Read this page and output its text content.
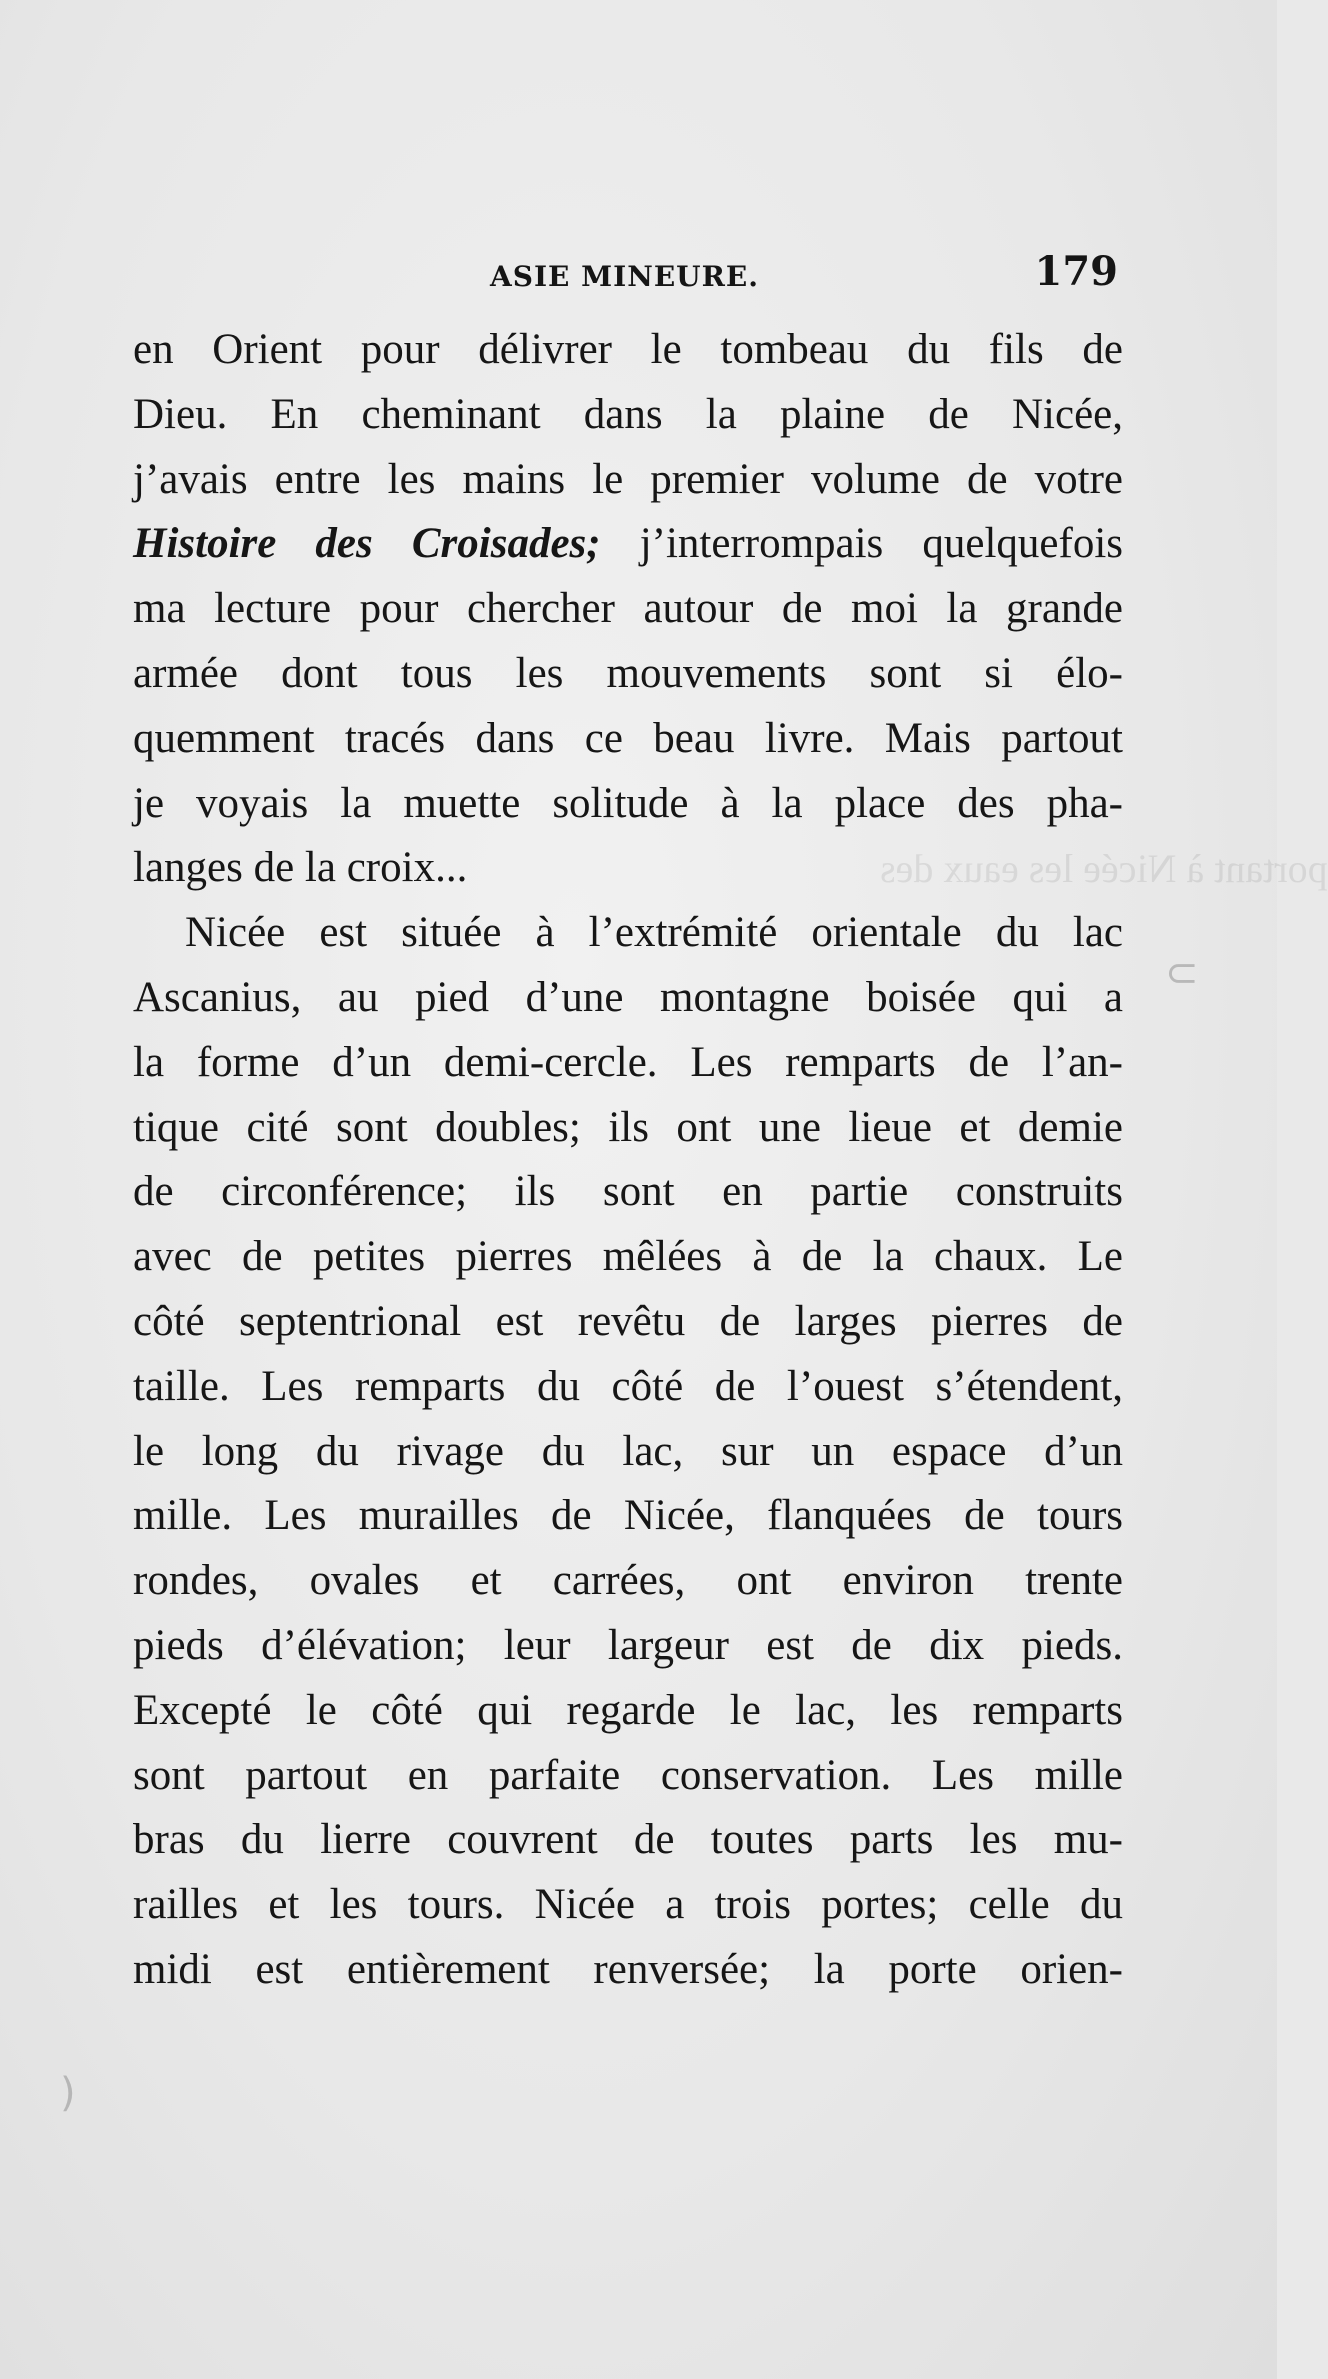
ASIE MINEURE.	179
portant à Nicée les eaux des
en Orient pour délivrer le tombeau du fils de
Dieu. En cheminant dans la plaine de Nicée,
j’avais entre les mains le premier volume de votre
Histoire des Croisades; j’interrompais quelquefois
ma lecture pour chercher autour de moi la grande
armée dont tous les mouvements sont si élo-
quemment tracés dans ce beau livre. Mais partout
je voyais la muette solitude à la place des pha-
langes de la croix...
Nicée est située à l’extrémité orientale du lac
Ascanius, au pied d’une montagne boisée qui a
la forme d’un demi-cercle. Les remparts de l’an-
tique cité sont doubles; ils ont une lieue et demie
de circonférence; ils sont en partie construits
avec de petites pierres mêlées à de la chaux. Le
côté septentrional est revêtu de larges pierres de
taille. Les remparts du côté de l’ouest s’étendent,
le long du rivage du lac, sur un espace d’un
mille. Les murailles de Nicée, flanquées de tours
rondes, ovales et carrées, ont environ trente
pieds d’élévation; leur largeur est de dix pieds.
Excepté le côté qui regarde le lac, les remparts
sont partout en parfaite conservation. Les mille
bras du lierre couvrent de toutes parts les mu-
railles et les tours. Nicée a trois portes; celle du
midi est entièrement renversée; la porte orien-
⊂
)
